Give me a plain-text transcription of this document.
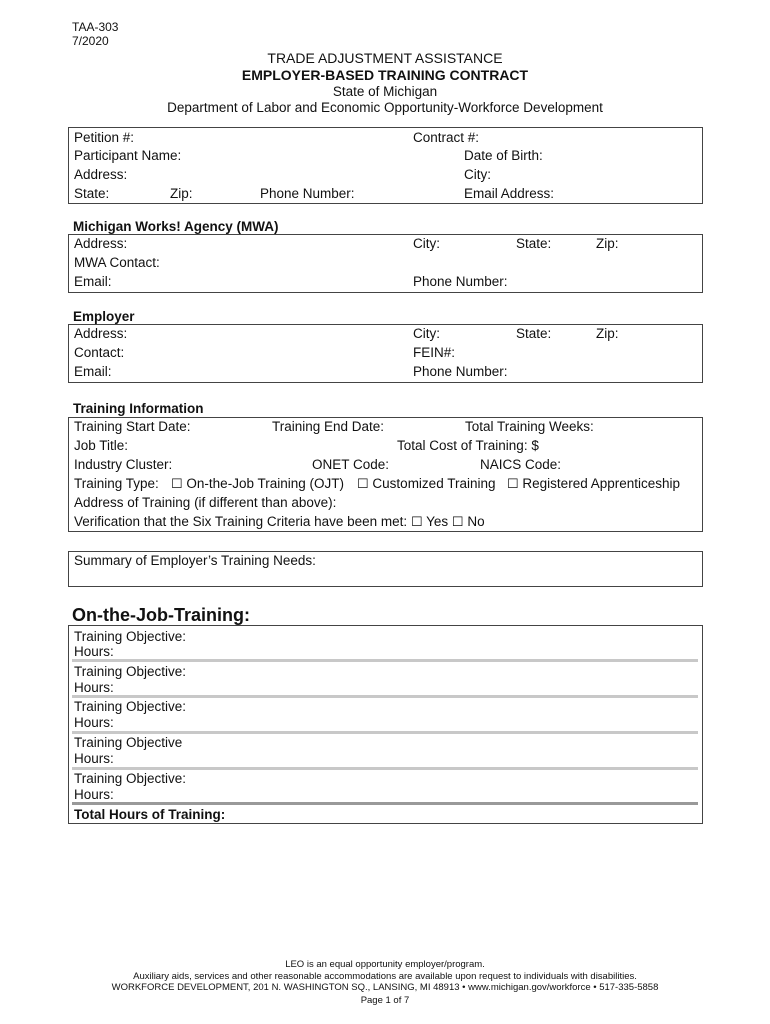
TAA-303
7/2020
TRADE ADJUSTMENT ASSISTANCE
EMPLOYER-BASED TRAINING CONTRACT
State of Michigan
Department of Labor and Economic Opportunity-Workforce Development
Petition #:	Contract #:
Participant Name:	Date of Birth:
Address:	City:
State:	Zip:	Phone Number:	Email Address:
Michigan Works! Agency (MWA)
Address:	City:	State:	Zip:
MWA Contact:
Email:	Phone Number:
Employer
Address:	City:	State:	Zip:
Contact:	FEIN#:
Email:	Phone Number:
Training Information
Training Start Date:	Training End Date:	Total Training Weeks:
Job Title:	Total Cost of Training: $
Industry Cluster:	ONET Code:	NAICS Code:
Training Type: ☐ On-the-Job Training (OJT) ☐ Customized Training ☐ Registered Apprenticeship
Address of Training (if different than above):
Verification that the Six Training Criteria have been met: ☐ Yes ☐ No
Summary of Employer’s Training Needs:
On-the-Job-Training:
Training Objective:
Hours:
Training Objective:
Hours:
Training Objective:
Hours:
Training Objective
Hours:
Training Objective:
Hours:
Total Hours of Training:
LEO is an equal opportunity employer/program.
Auxiliary aids, services and other reasonable accommodations are available upon request to individuals with disabilities.
WORKFORCE DEVELOPMENT, 201 N. WASHINGTON SQ., LANSING, MI 48913 • www.michigan.gov/workforce • 517-335-5858
Page 1 of 7
